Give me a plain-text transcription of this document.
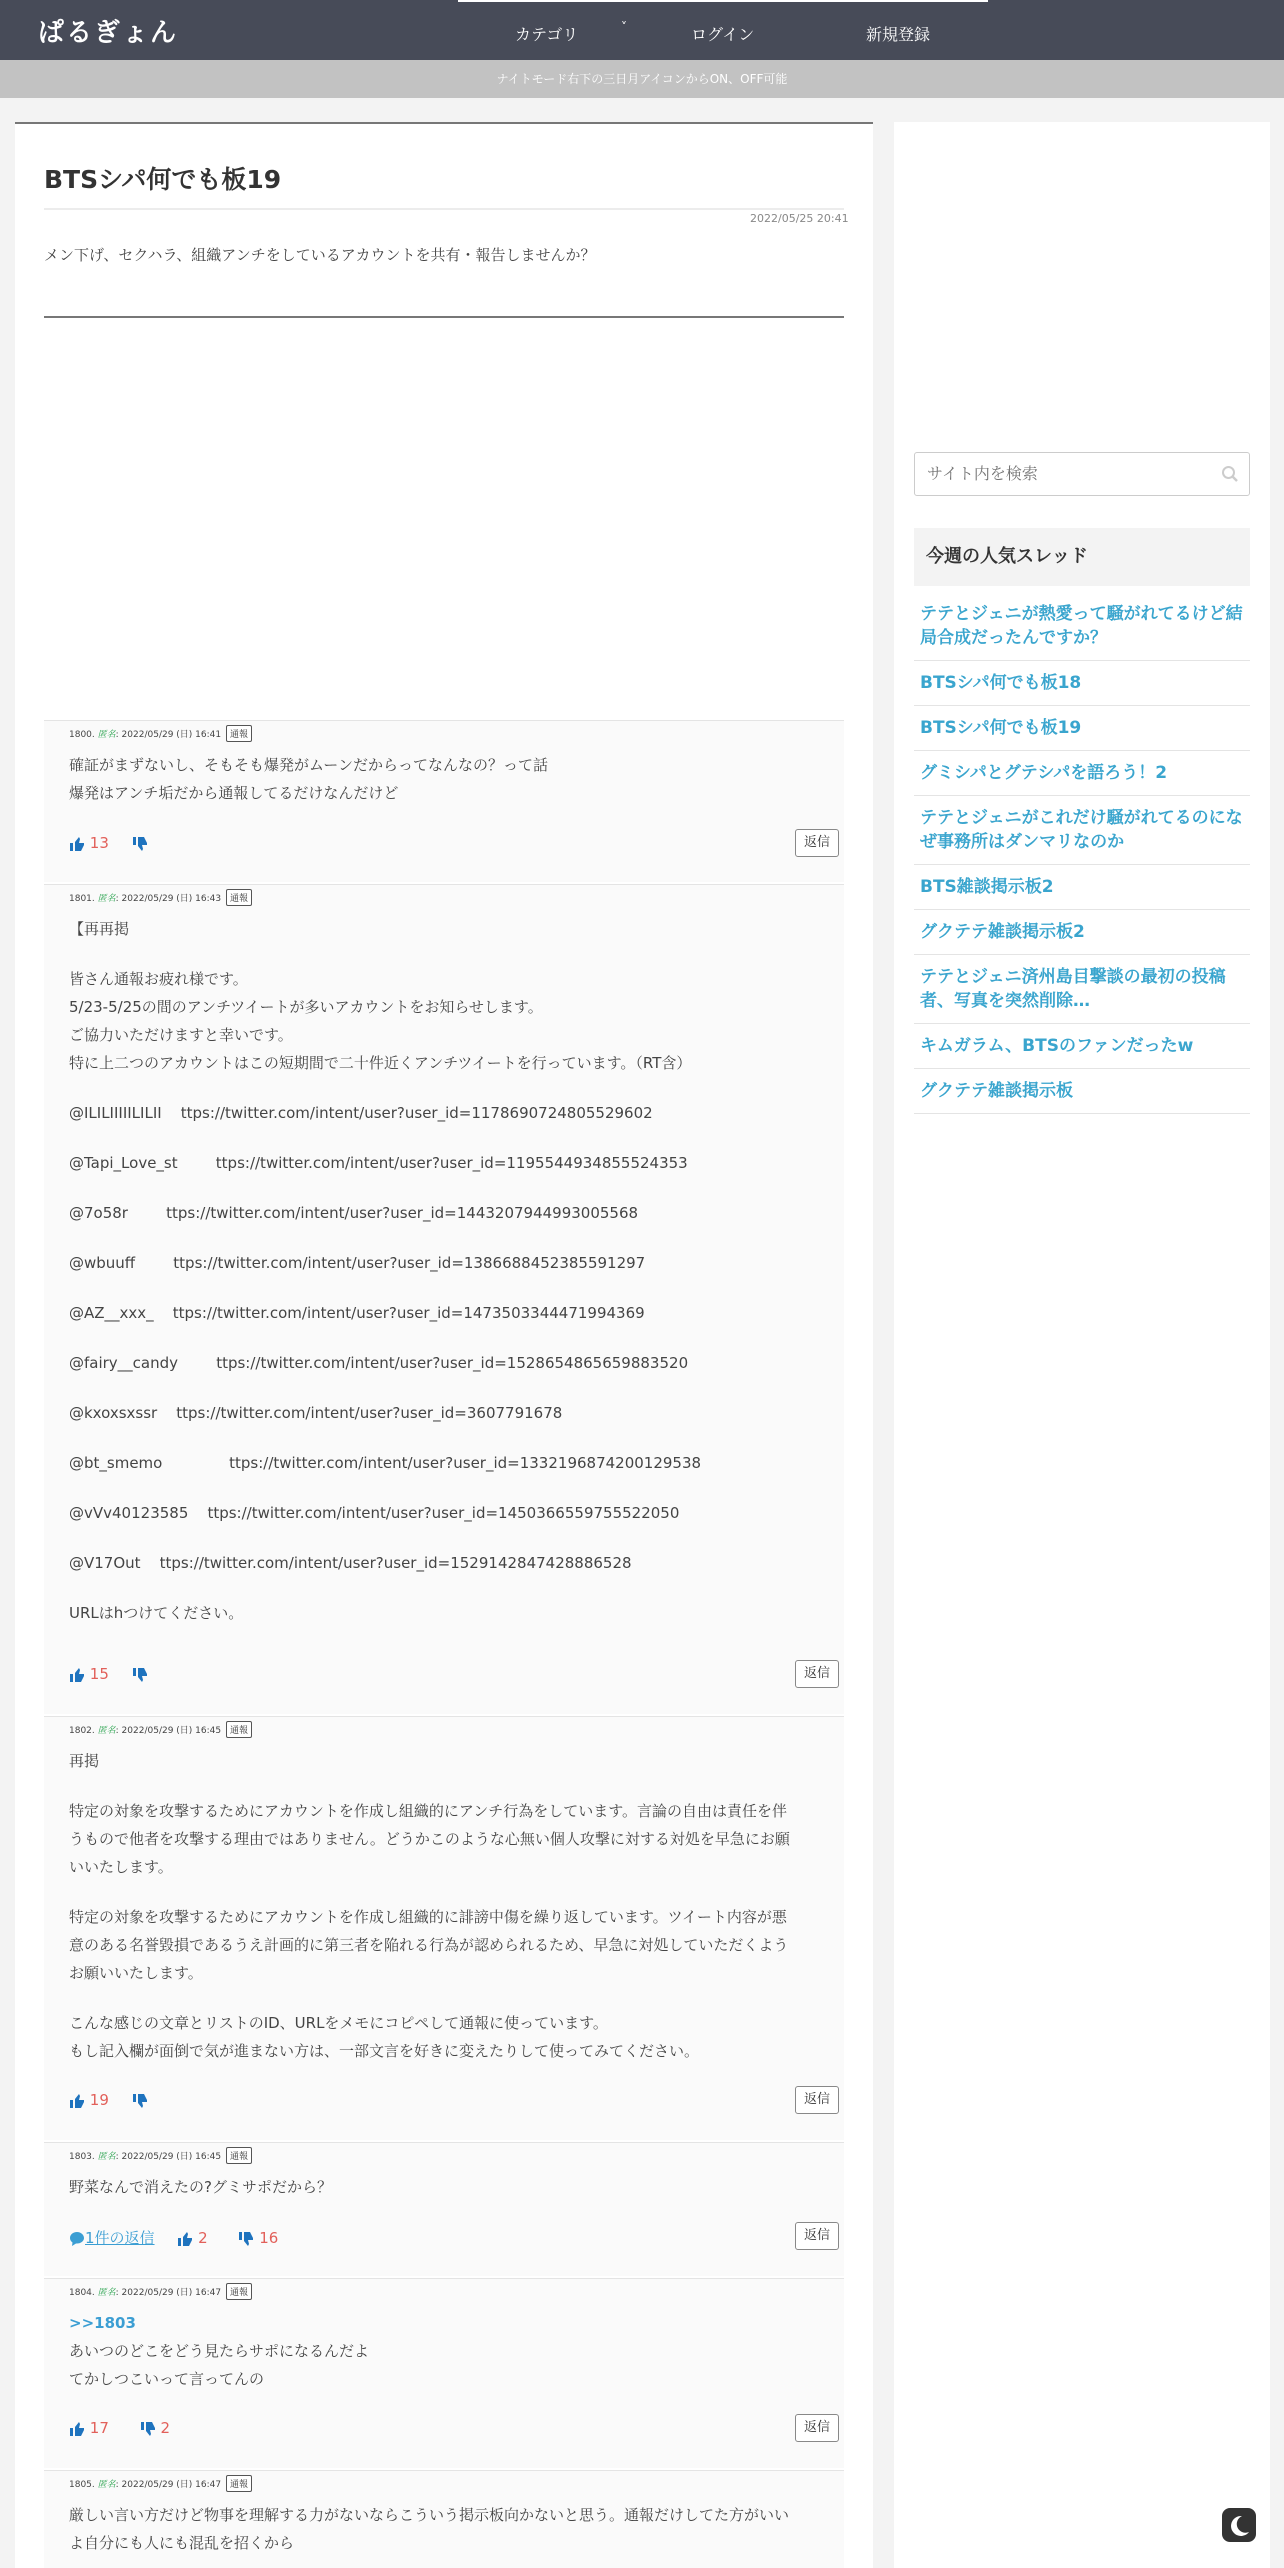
ぱるぎょん	カテゴリ	˅	ログイン	新規登録
ナイトモード右下の三日月アイコンからON、OFF可能
BTSシパ何でも板19
2022/05/25 20:41
メン下げ、セクハラ、組織アンチをしているアカウントを共有・報告しませんか？
1800. 匿名: 2022/05/29 (日) 16:41 通報

確証がまずないし、そもそも爆発がムーンだからってなんなの？って話

爆発はアンチ垢だから通報してるだけなんだけど

13	返信
1801. 匿名: 2022/05/29 (日) 16:43 通報

【再再掲

皆さん通報お疲れ様です。

5/23-5/25の間のアンチツイートが多いアカウントをお知らせします。

ご協力いただけますと幸いです。

特に上二つのアカウントはこの短期間で二十件近くアンチツイートを行っています。（RT含）

@ILILIIIIILILII ttps://twitter.com/intent/user?user_id=1178690724805529602

@Tapi_Love_st	ttps://twitter.com/intent/user?user_id=1195544934855524353

@7o58r	ttps://twitter.com/intent/user?user_id=1443207944993005568

@wbuuff	ttps://twitter.com/intent/user?user_id=1386688452385591297

@AZ__xxx_ ttps://twitter.com/intent/user?user_id=1473503344471994369

@fairy__candy	ttps://twitter.com/intent/user?user_id=1528654865659883520

@kxoxsxssr ttps://twitter.com/intent/user?user_id=3607791678

@bt_smemo	ttps://twitter.com/intent/user?user_id=1332196874200129538

@vVv40123585 ttps://twitter.com/intent/user?user_id=1450366559755522050

@V17Out ttps://twitter.com/intent/user?user_id=1529142847428886528

URLはhつけてください。

15	返信
1802. 匿名: 2022/05/29 (日) 16:45 通報

再掲

特定の対象を攻撃するためにアカウントを作成し組織的にアンチ行為をしています。言論の自由は責任を伴

うもので他者を攻撃する理由ではありません。どうかこのような心無い個人攻撃に対する対処を早急にお願

いいたします。

特定の対象を攻撃するためにアカウントを作成し組織的に誹謗中傷を繰り返しています。ツイート内容が悪

意のある名誉毀損であるうえ計画的に第三者を陥れる行為が認められるため、早急に対処していただくよう

お願いいたします。

こんな感じの文章とリストのID、URLをメモにコピペして通報に使っています。

もし記入欄が面倒で気が進まない方は、一部文言を好きに変えたりして使ってみてください。

19	返信
1803. 匿名: 2022/05/29 (日) 16:45 通報

野菜なんで消えたの?グミサポだから？

1件の返信	2	16	返信
1804. 匿名: 2022/05/29 (日) 16:47 通報

>>1803

あいつのどこをどう見たらサポになるんだよ

てかしつこいって言ってんの

17	2	返信
1805. 匿名: 2022/05/29 (日) 16:47 通報

厳しい言い方だけど物事を理解する力がないならこういう掲示板向かないと思う。通報だけしてた方がいい

よ自分にも人にも混乱を招くから

サイト内を検索
今週の人気スレッド
テテとジェニが熱愛って騒がれてるけど結局合成だったんですか？
BTSシパ何でも板18
BTSシパ何でも板19
グミシパとグテシパを語ろう！2
テテとジェニがこれだけ騒がれてるのになぜ事務所はダンマリなのか
BTS雑談掲示板2
グクテテ雑談掲示板2
テテとジェニ済州島目撃談の最初の投稿者、写真を突然削除…
キムガラム、BTSのファンだったw
グクテテ雑談掲示板
